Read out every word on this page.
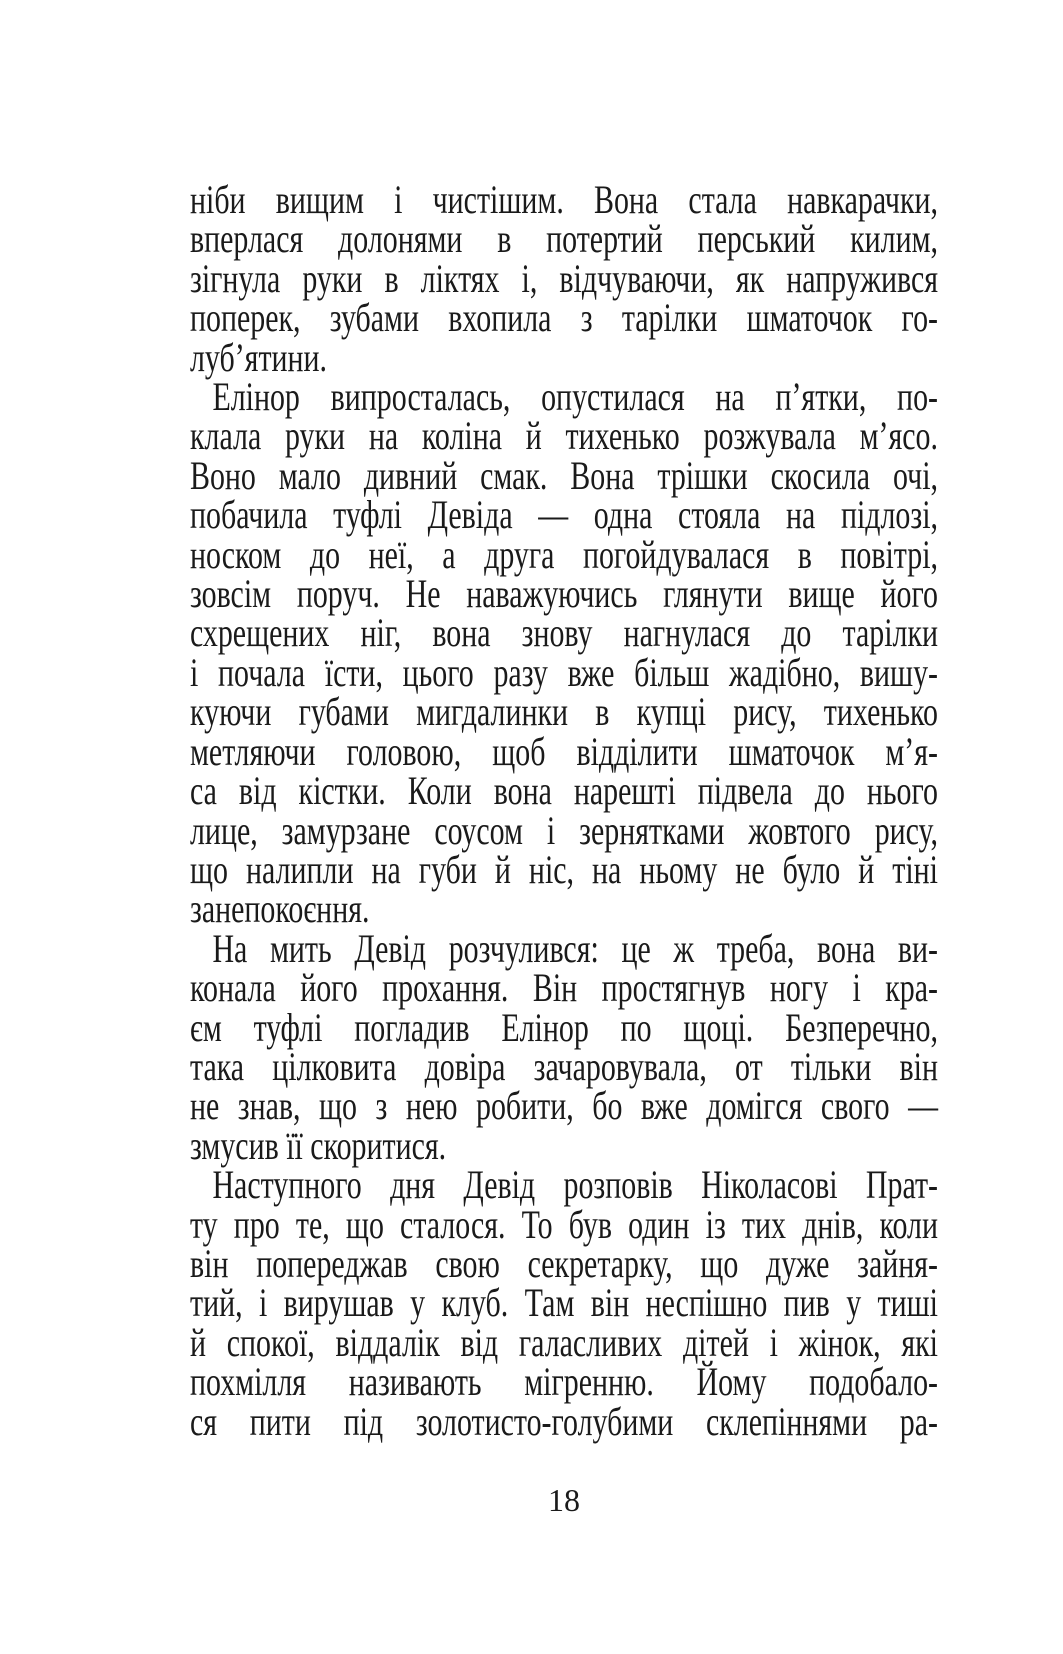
ніби вищим і чистішим. Вона стала навкарачки,
вперлася долонями в потертий перський килим,
зігнула руки в ліктях і, відчуваючи, як напружився
поперек, зубами вхопила з тарілки шматочок го-
луб’ятини.

Елінор випросталась, опустилася на п’ятки, по-
клала руки на коліна й тихенько розжувала м’ясо.
Воно мало дивний смак. Вона трішки скосила очі,
побачила туфлі Девіда — одна стояла на підлозі,
носком до неї, а друга погойдувалася в повітрі,
зовсім поруч. Не наважуючись глянути вище його
схрещених ніг, вона знову нагнулася до тарілки
і почала їсти, цього разу вже більш жадібно, вишу-
куючи губами мигдалинки в купці рису, тихенько
метляючи головою, щоб відділити шматочок м’я-
са від кістки. Коли вона нарешті підвела до нього
лице, замурзане соусом і зернятками жовтого рису,
що налипли на губи й ніс, на ньому не було й тіні
занепокоєння.

На мить Девід розчулився: це ж треба, вона ви-
конала його прохання. Він простягнув ногу і кра-
єм туфлі погладив Елінор по щоці. Безперечно,
така цілковита довіра зачаровувала, от тільки він
не знав, що з нею робити, бо вже домігся свого —
змусив її скоритися.

Наступного дня Девід розповів Ніколасові Прат-
ту про те, що сталося. То був один із тих днів, коли
він попереджав свою секретарку, що дуже зайня-
тий, і вирушав у клуб. Там він неспішно пив у тиші
й спокої, віддалік від галасливих дітей і жінок, які
похмілля називають мігренню. Йому подобало-
ся пити під золотисто-голубими склепіннями ра-

18
